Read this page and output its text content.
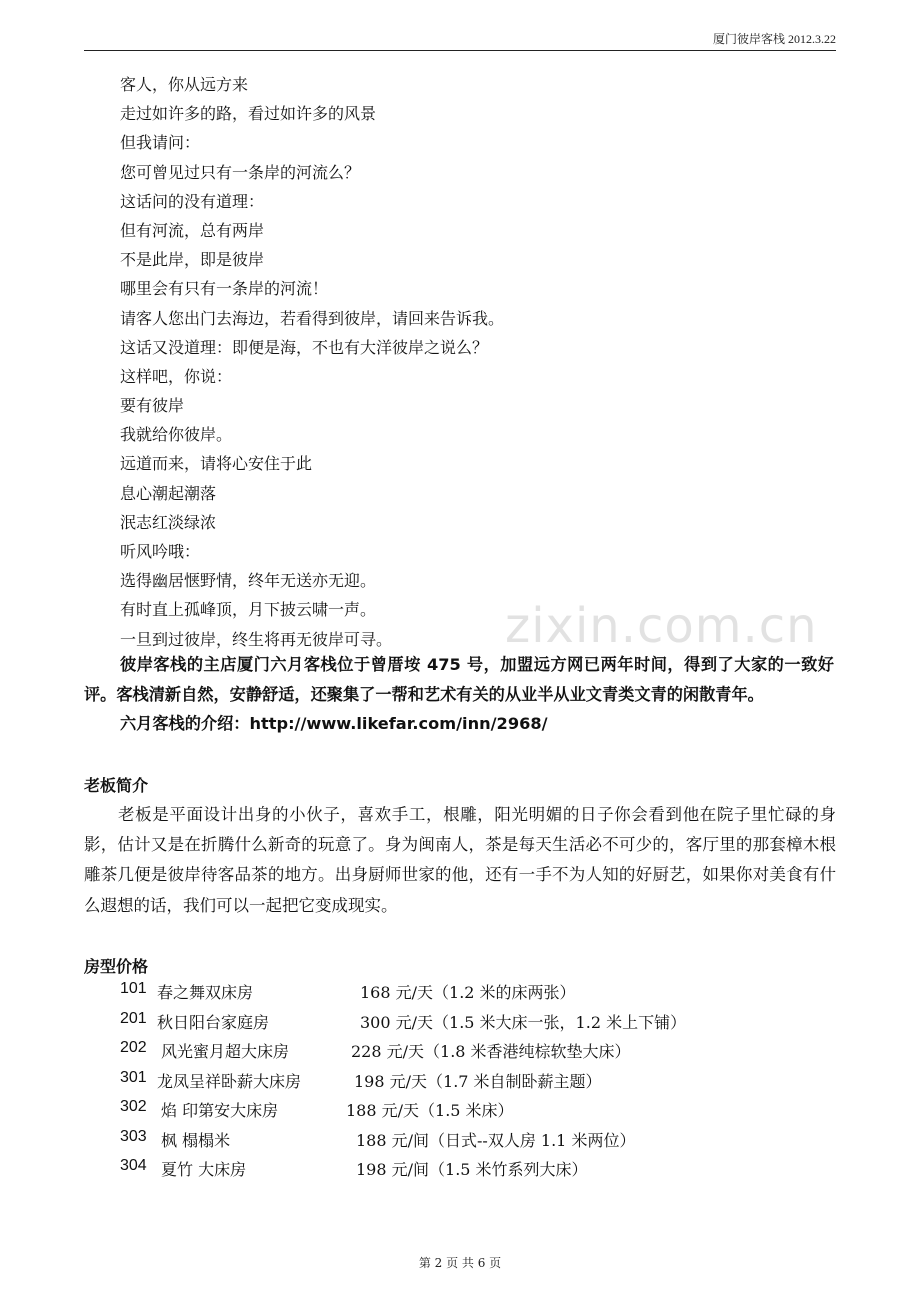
厦门彼岸客栈 2012.3.22
客人，你从远方来
走过如许多的路，看过如许多的风景
但我请问：
您可曾见过只有一条岸的河流么？
这话问的没有道理：
但有河流，总有两岸
不是此岸，即是彼岸
哪里会有只有一条岸的河流！
请客人您出门去海边，若看得到彼岸，请回来告诉我。
这话又没道理：即便是海，不也有大洋彼岸之说么？
这样吧，你说：
要有彼岸
我就给你彼岸。
远道而来，请将心安住于此
息心潮起潮落
泯志红淡绿浓
听风吟哦：
选得幽居惬野情，终年无送亦无迎。
有时直上孤峰顶，月下披云啸一声。
一旦到过彼岸，终生将再无彼岸可寻。
彼岸客栈的主店厦门六月客栈位于曾厝垵 475 号，加盟远方网已两年时间，得到了大家的一致好评。客栈清新自然，安静舒适，还聚集了一帮和艺术有关的从业半从业文青类文青的闲散青年。
六月客栈的介绍：http://www.likefar.com/inn/2968/
老板简介
老板是平面设计出身的小伙子，喜欢手工，根雕，阳光明媚的日子你会看到他在院子里忙碌的身影，估计又是在折腾什么新奇的玩意了。身为闽南人，茶是每天生活必不可少的，客厅里的那套樟木根雕茶几便是彼岸待客品茶的地方。出身厨师世家的他，还有一手不为人知的好厨艺，如果你对美食有什么遐想的话，我们可以一起把它变成现实。
房型价格
101 春之舞双床房	168 元/天（1.2 米的床两张）
201 秋日阳台家庭房	300 元/天（1.5 米大床一张，1.2 米上下铺）
202 风光蜜月超大床房	228 元/天（1.8 米香港纯棕软垫大床）
301 龙凤呈祥卧薪大床房	198 元/天（1.7 米自制卧薪主题）
302 焰 印第安大床房	188 元/天（1.5 米床）
303 枫 榻榻米	188 元/间（日式--双人房 1.1 米两位）
304 夏竹 大床房	198 元/间（1.5 米竹系列大床）
zixin.com.cn
第 2 页 共 6 页
